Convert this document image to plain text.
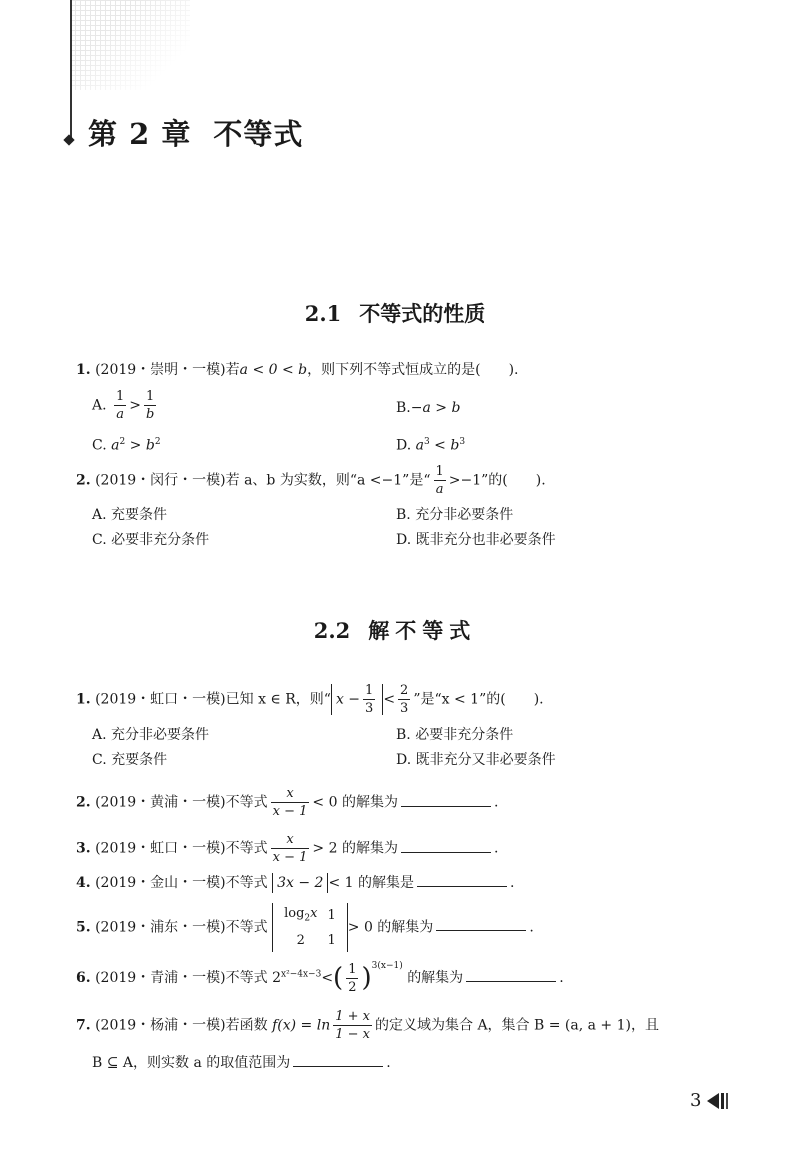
第 2 章 不等式
2.1 不等式的性质
1. (2019・崇明・一模)若a < 0 < b，则下列不等式恒成立的是( ).
A. $\frac{1}{a} > \frac{1}{b}$	B.−a > b
C. $a^2 > b^2$	D. $a^3 < b^3$
2. (2019・闵行・一模)若 a、b 为实数，则“a <−1”是“ $\frac{1}{a} >-1$”的( ).
A. 充要条件	B. 充分非必要条件
C. 必要非充分条件	D. 既非充分也非必要条件
2.2 解不等式
1. (2019・虹口・一模)已知 x ∈ R，则“ $x - \frac{1}{3} < \frac{2}{3}$ ”是“x < 1”的( ).
A. 充分非必要条件	B. 必要非充分条件
C. 充要条件	D. 既非充分又非必要条件
2. (2019・黄浦・一模)不等式 $\frac{x}{x - 1} < 0$ 的解集为	.
3. (2019・虹口・一模)不等式 $\frac{x}{x - 1} > 2$ 的解集为	.
4. (2019・金山・一模)不等式 3x − 2 < 1 的解集是	.
5. (2019・浦东・一模)不等式
$\log_2x$	1
2	1
> 0 的解集为	.
6. (2019・青浦・一模)不等式 $2^{x^2-4x-3}<( \frac{1}{2} )^{3(x-1)}$ 的解集为	.
7. (2019・杨浦・一模)若函数 $f(x) = \ln \frac{1 + x}{1 - x}$ 的定义域为集合 A，集合 B = (a, a + 1)，且
B ⊆ A，则实数 a 的取值范围为	.
3
